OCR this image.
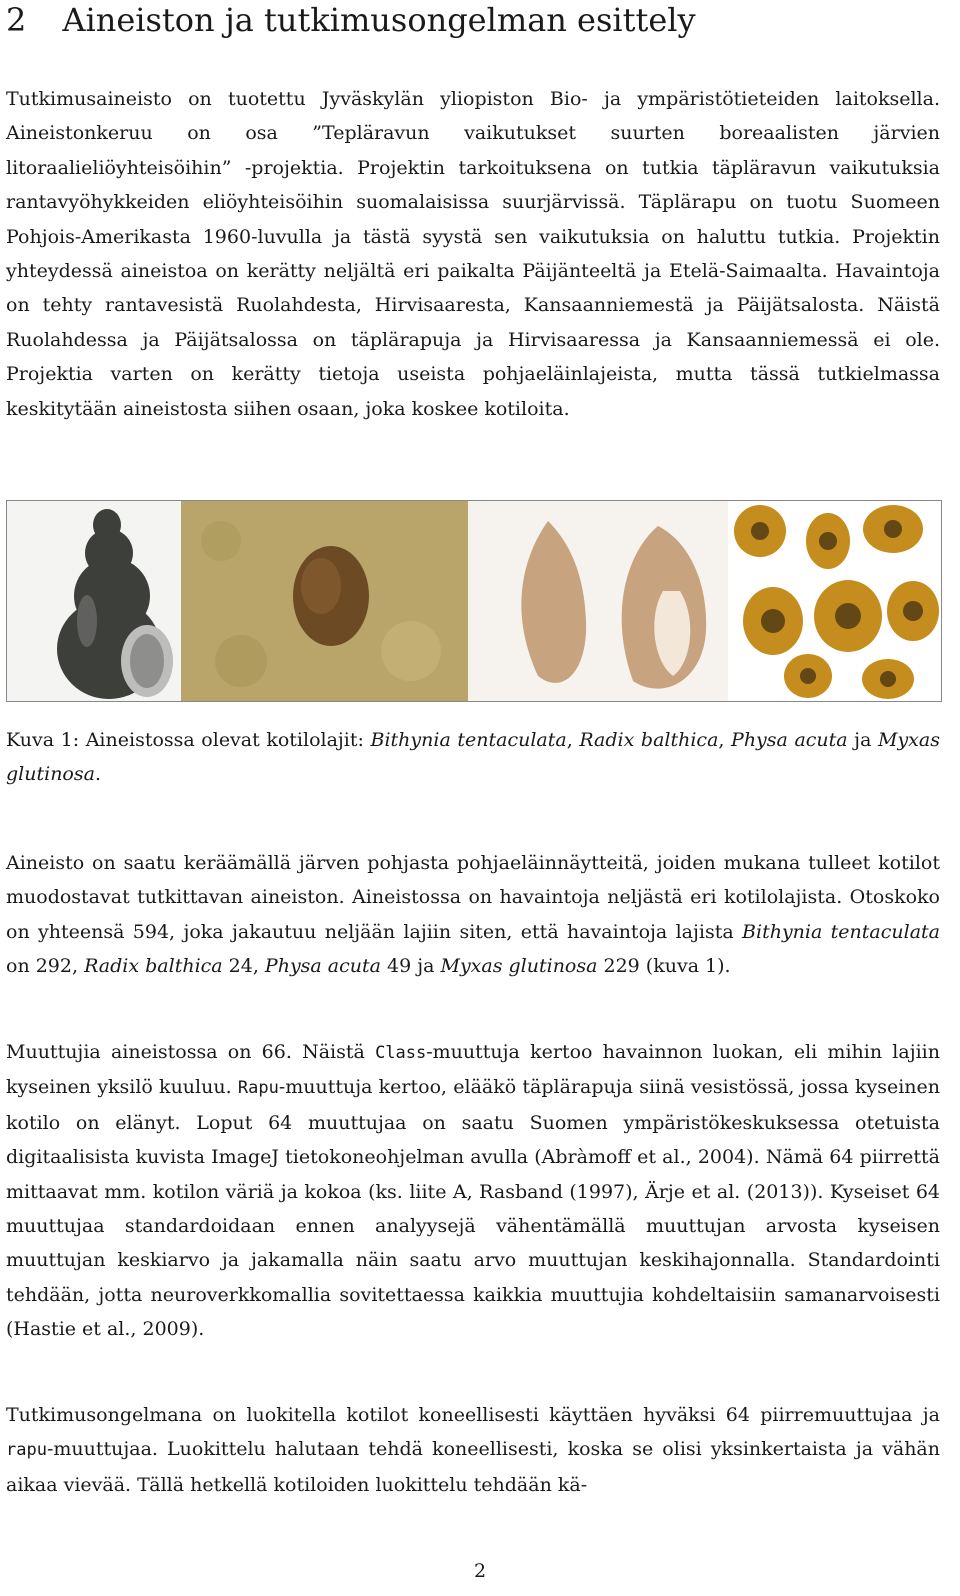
2 Aineiston ja tutkimusongelman esittely

Tutkimusaineisto on tuotettu Jyväskylän yliopiston Bio- ja ympäristötieteiden laitoksella. Aineistonkeruu on osa ”Tepläravun vaikutukset suurten boreaalisten järvien litoraalieliöyhteisöihin” -projektia. Projektin tarkoituksena on tutkia täpläravun vaikutuksia rantavyöhykkeiden eliöyhteisöihin suomalaisissa suurjärvissä. Täplärapu on tuotu Suomeen Pohjois-Amerikasta 1960-luvulla ja tästä syystä sen vaikutuksia on haluttu tutkia. Projektin yhteydessä aineistoa on kerätty neljältä eri paikalta Päijänteeltä ja Etelä-Saimaalta. Havaintoja on tehty rantavesistä Ruolahdesta, Hirvisaaresta, Kansaanniemestä ja Päijätsalosta. Näistä Ruolahdessa ja Päijätsalossa on täplärapuja ja Hirvisaaressa ja Kansaanniemessä ei ole. Projektia varten on kerätty tietoja useista pohjaeläinlajeista, mutta tässä tutkielmassa keskitytään aineistosta siihen osaan, joka koskee kotiloita.

Kuva 1: Aineistossa olevat kotilolajit: Bithynia tentaculata, Radix balthica, Physa acuta ja Myxas glutinosa.

Aineisto on saatu keräämällä järven pohjasta pohjaeläinnäytteitä, joiden mukana tulleet kotilot muodostavat tutkittavan aineiston. Aineistossa on havaintoja neljästä eri kotilolajista. Otoskoko on yhteensä 594, joka jakautuu neljään lajiin siten, että havaintoja lajista Bithynia tentaculata on 292, Radix balthica 24, Physa acuta 49 ja Myxas glutinosa 229 (kuva 1).

Muuttujia aineistossa on 66. Näistä Class-muuttuja kertoo havainnon luokan, eli mihin lajiin kyseinen yksilö kuuluu. Rapu-muuttuja kertoo, elääkö täplärapuja siinä vesistössä, jossa kyseinen kotilo on elänyt. Loput 64 muuttujaa on saatu Suomen ympäristökeskuksessa otetuista digitaalisista kuvista ImageJ tietokoneohjelman avulla (Abràmoff et al., 2004). Nämä 64 piirrettä mittaavat mm. kotilon väriä ja kokoa (ks. liite A, Rasband (1997), Ärje et al. (2013)). Kyseiset 64 muuttujaa standardoidaan ennen analyysejä vähentämällä muuttujan arvosta kyseisen muuttujan keskiarvo ja jakamalla näin saatu arvo muuttujan keskihajonnalla. Standardointi tehdään, jotta neuroverkkomallia sovitettaessa kaikkia muuttujia kohdeltaisiin samanarvoisesti (Hastie et al., 2009).

Tutkimusongelmana on luokitella kotilot koneellisesti käyttäen hyväksi 64 piirremuuttujaa ja rapu-muuttujaa. Luokittelu halutaan tehdä koneellisesti, koska se olisi yksinkertaista ja vähän aikaa vievää. Tällä hetkellä kotiloiden luokittelu tehdään kä-

2
